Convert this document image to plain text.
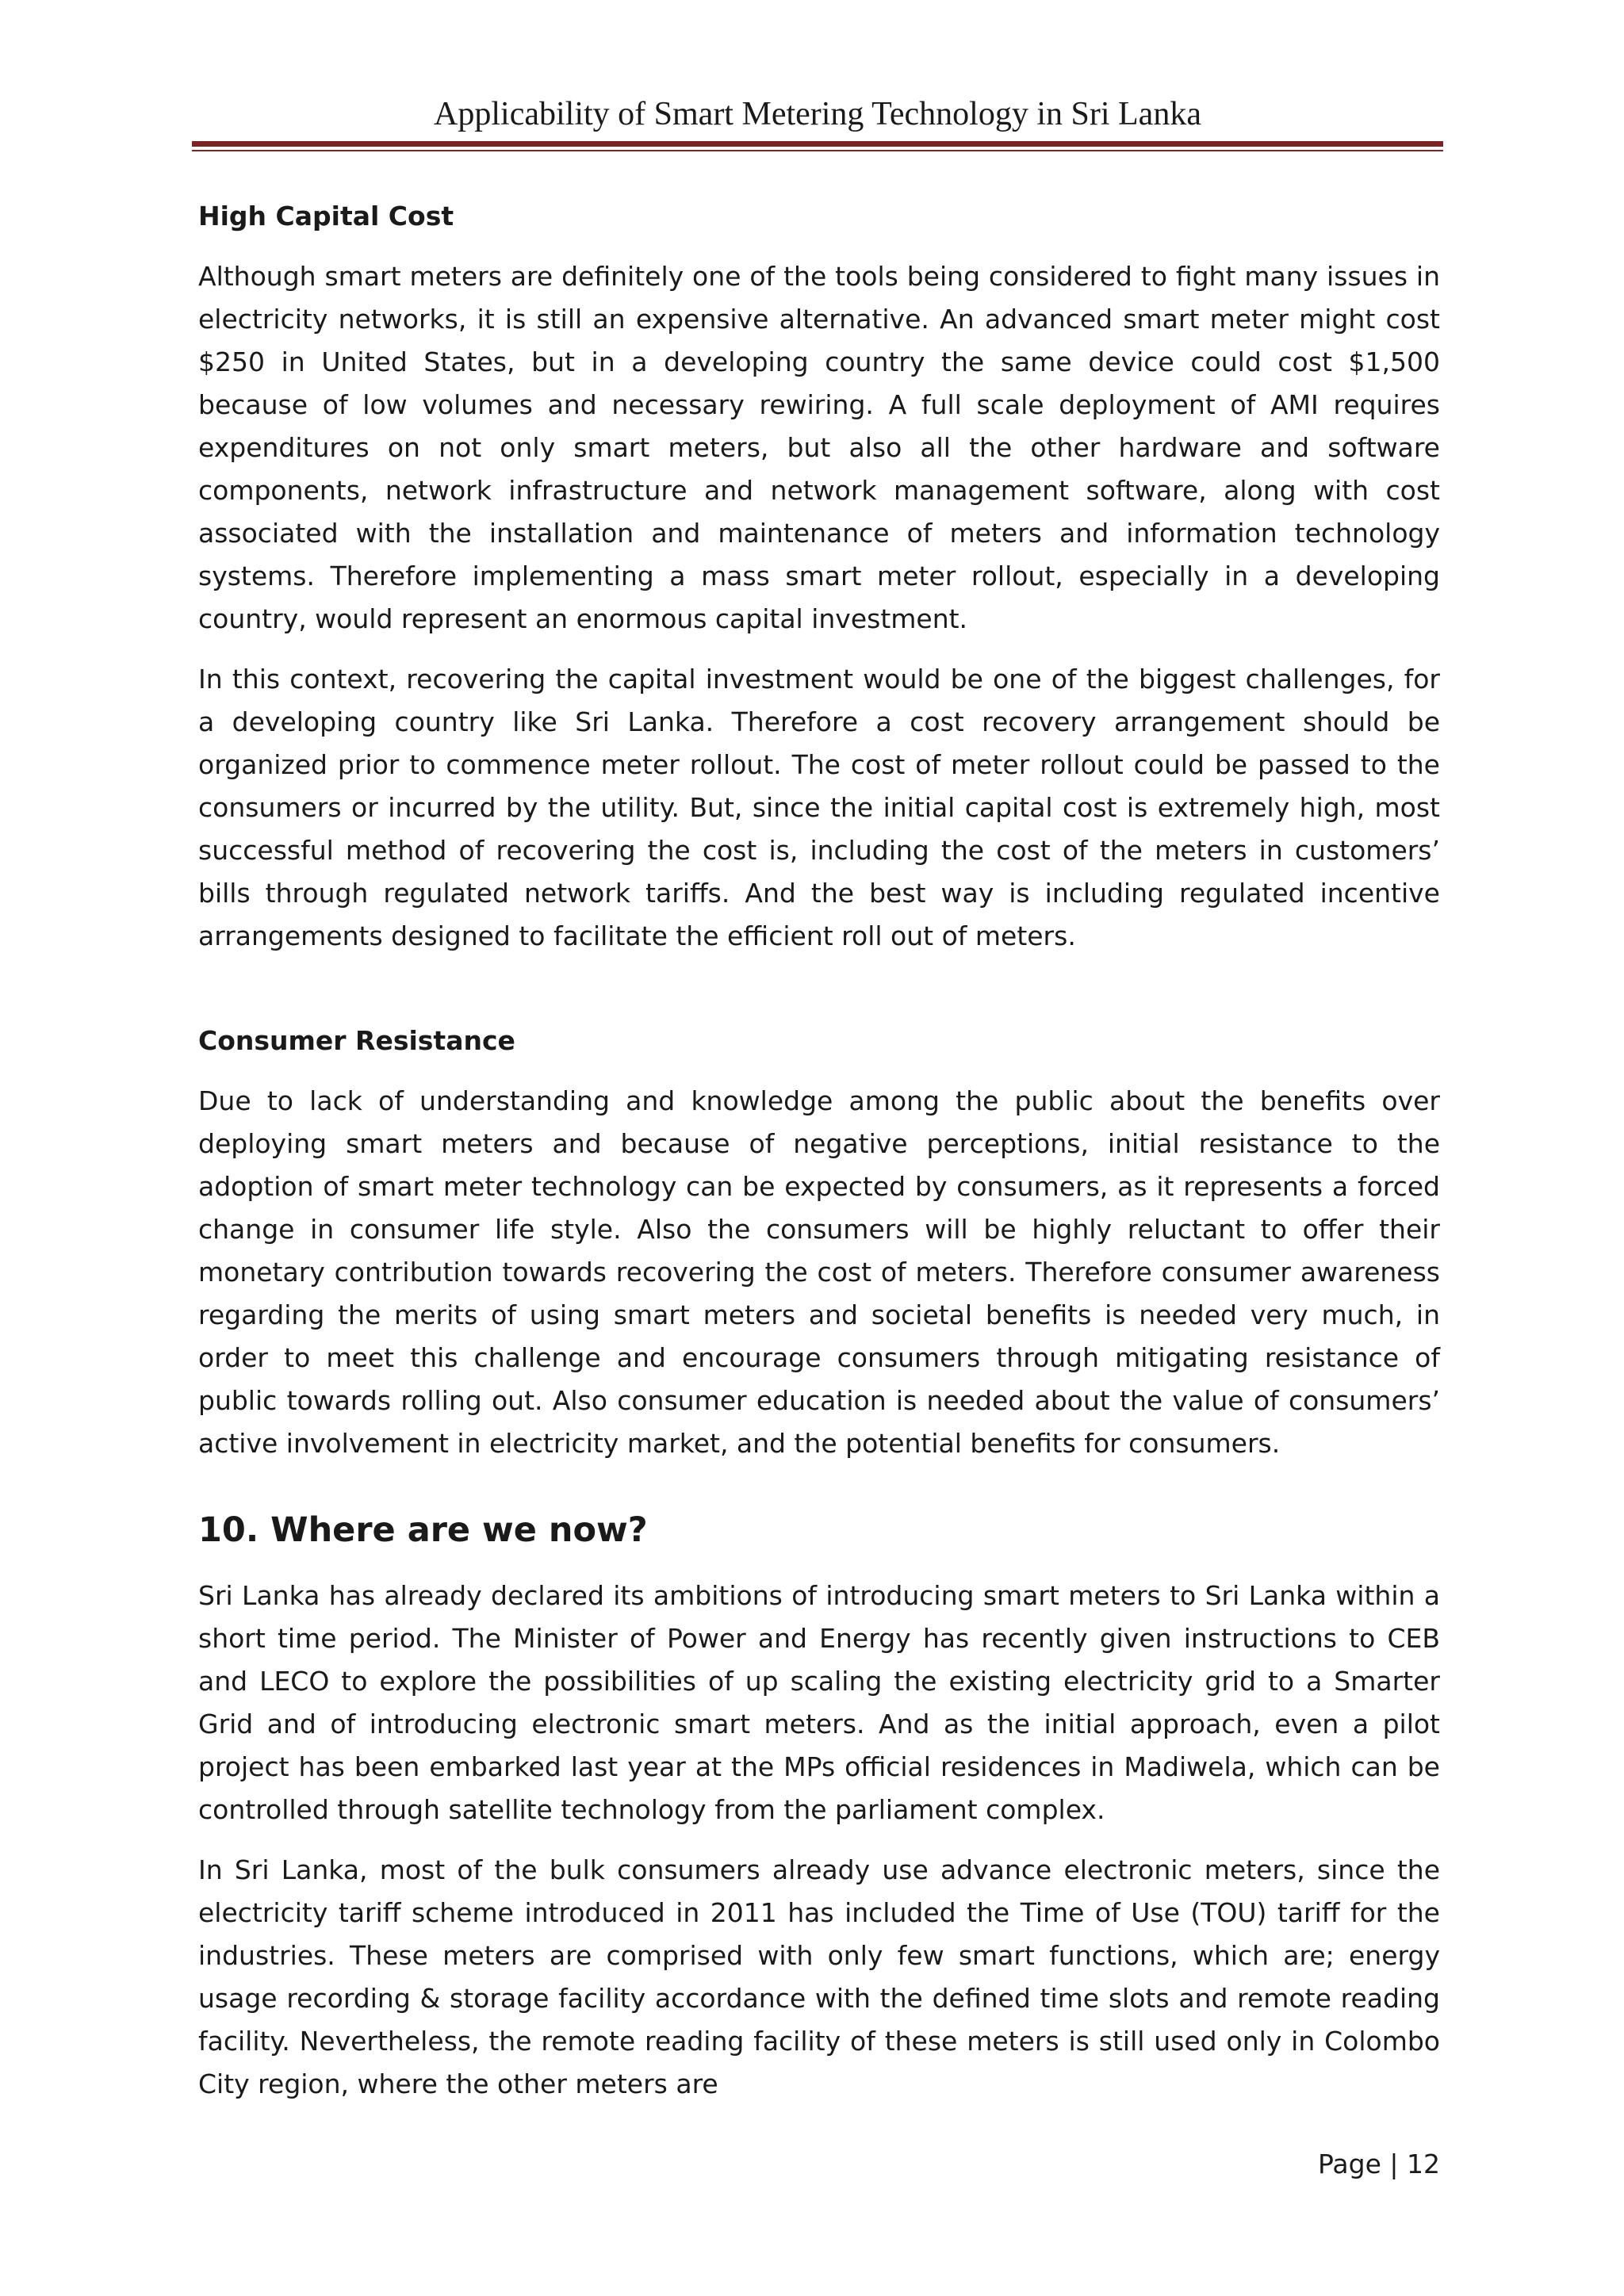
Applicability of Smart Metering Technology in Sri Lanka
High Capital Cost

Although smart meters are definitely one of the tools being considered to fight many issues in electricity networks, it is still an expensive alternative. An advanced smart meter might cost $250 in United States, but in a developing country the same device could cost $1,500 because of low volumes and necessary rewiring. A full scale deployment of AMI requires expenditures on not only smart meters, but also all the other hardware and software components, network infrastructure and network management software, along with cost associated with the installation and maintenance of meters and information technology systems. Therefore implementing a mass smart meter rollout, especially in a developing country, would represent an enormous capital investment.

In this context, recovering the capital investment would be one of the biggest challenges, for a developing country like Sri Lanka. Therefore a cost recovery arrangement should be organized prior to commence meter rollout. The cost of meter rollout could be passed to the consumers or incurred by the utility. But, since the initial capital cost is extremely high, most successful method of recovering the cost is, including the cost of the meters in customers’ bills through regulated network tariffs. And the best way is including regulated incentive arrangements designed to facilitate the efficient roll out of meters.

Consumer Resistance

Due to lack of understanding and knowledge among the public about the benefits over deploying smart meters and because of negative perceptions, initial resistance to the adoption of smart meter technology can be expected by consumers, as it represents a forced change in consumer life style. Also the consumers will be highly reluctant to offer their monetary contribution towards recovering the cost of meters. Therefore consumer awareness regarding the merits of using smart meters and societal benefits is needed very much, in order to meet this challenge and encourage consumers through mitigating resistance of public towards rolling out. Also consumer education is needed about the value of consumers’ active involvement in electricity market, and the potential benefits for consumers.

10. Where are we now?

Sri Lanka has already declared its ambitions of introducing smart meters to Sri Lanka within a short time period. The Minister of Power and Energy has recently given instructions to CEB and LECO to explore the possibilities of up scaling the existing electricity grid to a Smarter Grid and of introducing electronic smart meters. And as the initial approach, even a pilot project has been embarked last year at the MPs official residences in Madiwela, which can be controlled through satellite technology from the parliament complex.

In Sri Lanka, most of the bulk consumers already use advance electronic meters, since the electricity tariff scheme introduced in 2011 has included the Time of Use (TOU) tariff for the industries. These meters are comprised with only few smart functions, which are; energy usage recording & storage facility accordance with the defined time slots and remote reading facility. Nevertheless, the remote reading facility of these meters is still used only in Colombo City region, where the other meters are

Page | 12
